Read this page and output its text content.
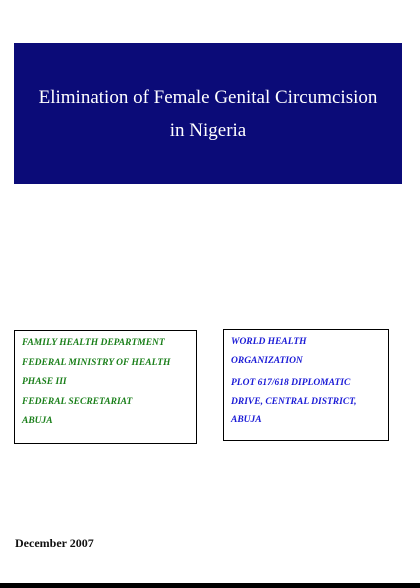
Elimination of Female Genital Circumcision
in Nigeria
FAMILY HEALTH DEPARTMENT
FEDERAL MINISTRY OF HEALTH
PHASE III
FEDERAL SECRETARIAT
ABUJA
WORLD HEALTH
ORGANIZATION
PLOT 617/618 DIPLOMATIC
DRIVE, CENTRAL DISTRICT,
ABUJA
December 2007
